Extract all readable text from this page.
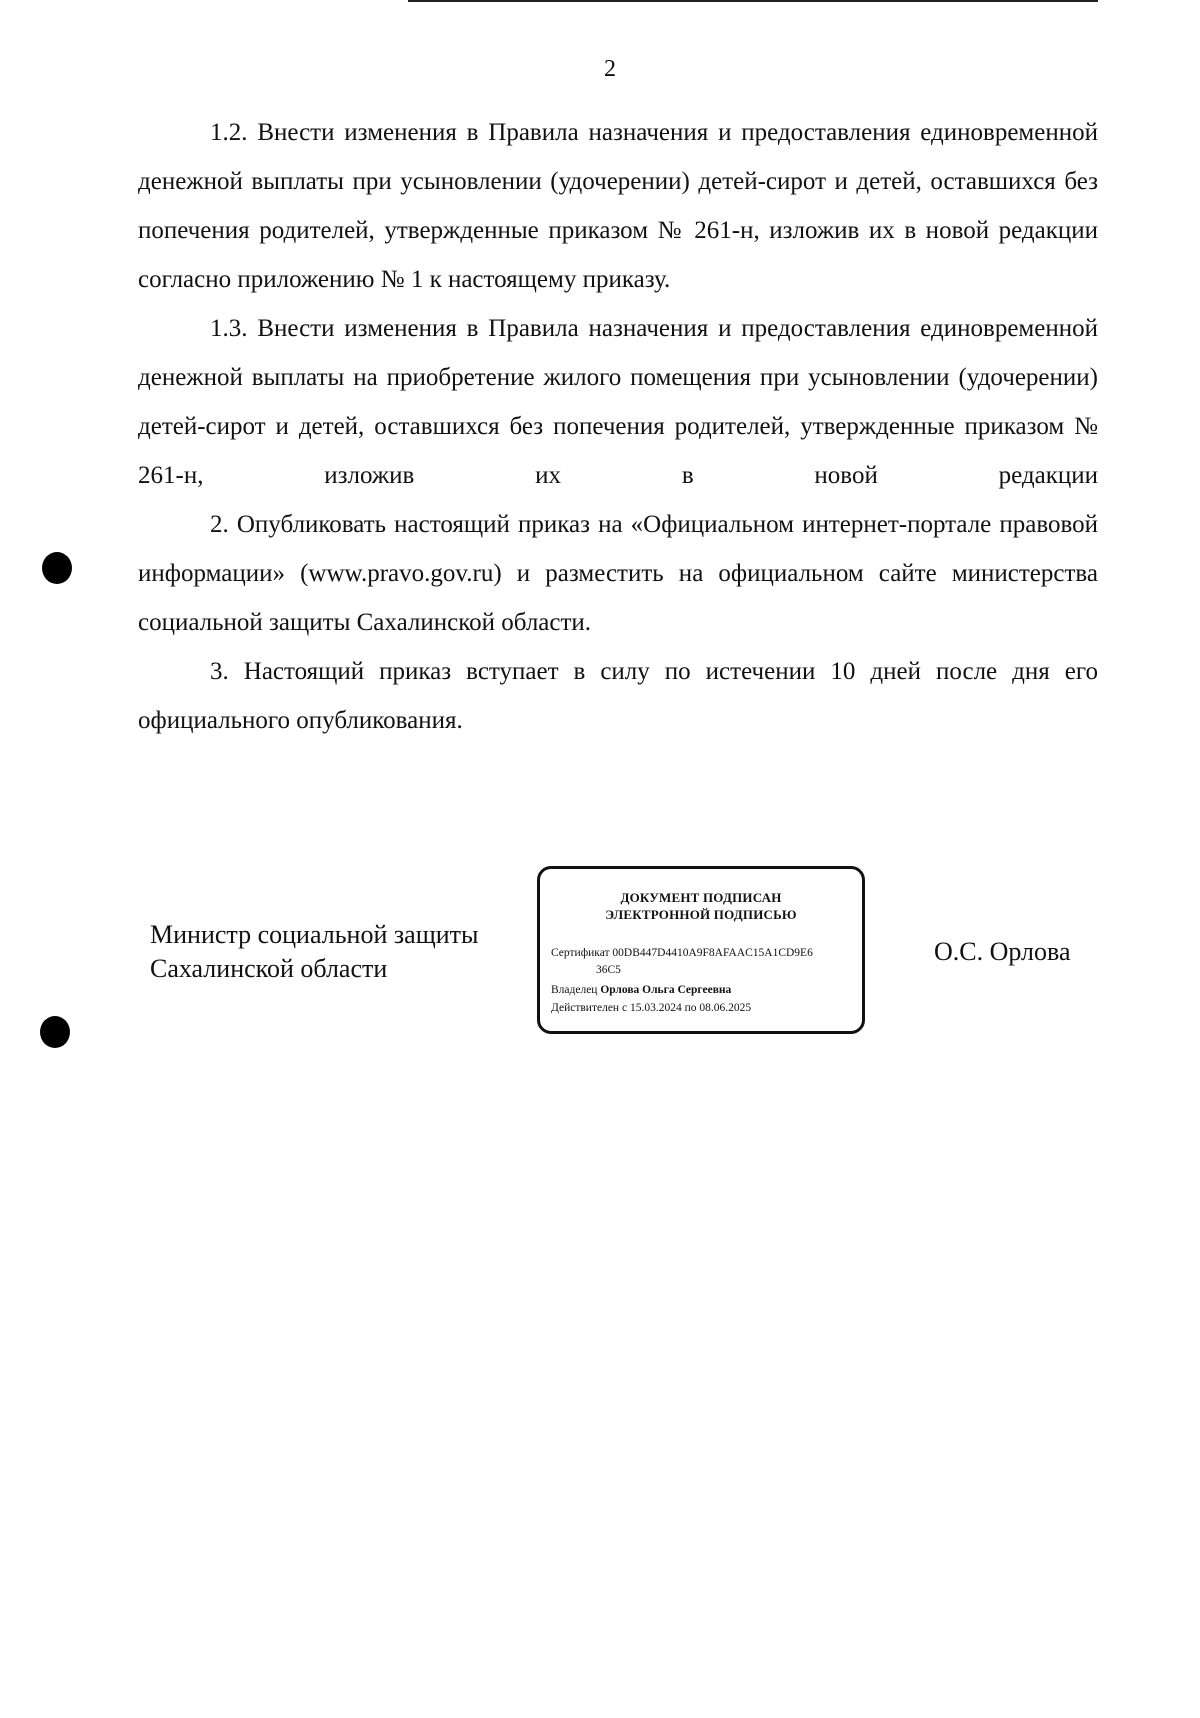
2

1.2. Внести изменения в Правила назначения и предоставления единовременной денежной выплаты при усыновлении (удочерении) детей-сирот и детей, оставшихся без попечения родителей, утвержденные приказом № 261-н, изложив их в новой редакции согласно приложению № 1 к настоящему приказу.

1.3. Внести изменения в Правила назначения и предоставления единовременной денежной выплаты на приобретение жилого помещения при усыновлении (удочерении) детей-сирот и детей, оставшихся без попечения родителей, утвержденные приказом № 261-н, изложив их в новой редакции

2. Опубликовать настоящий приказ на «Официальном интернет-портале правовой информации» (www.pravo.gov.ru) и разместить на официальном сайте министерства социальной защиты Сахалинской области.

3. Настоящий приказ вступает в силу по истечении 10 дней после дня его официального опубликования.

Министр социальной защиты
Сахалинской области
ДОКУМЕНТ ПОДПИСАН
ЭЛЕКТРОННОЙ ПОДПИСЬЮ
Сертификат 00DB447D4410A9F8AFAAC15A1CD9E6
36C5
Владелец Орлова Ольга Сергеевна
Действителен с 15.03.2024 по 08.06.2025
О.С. Орлова
